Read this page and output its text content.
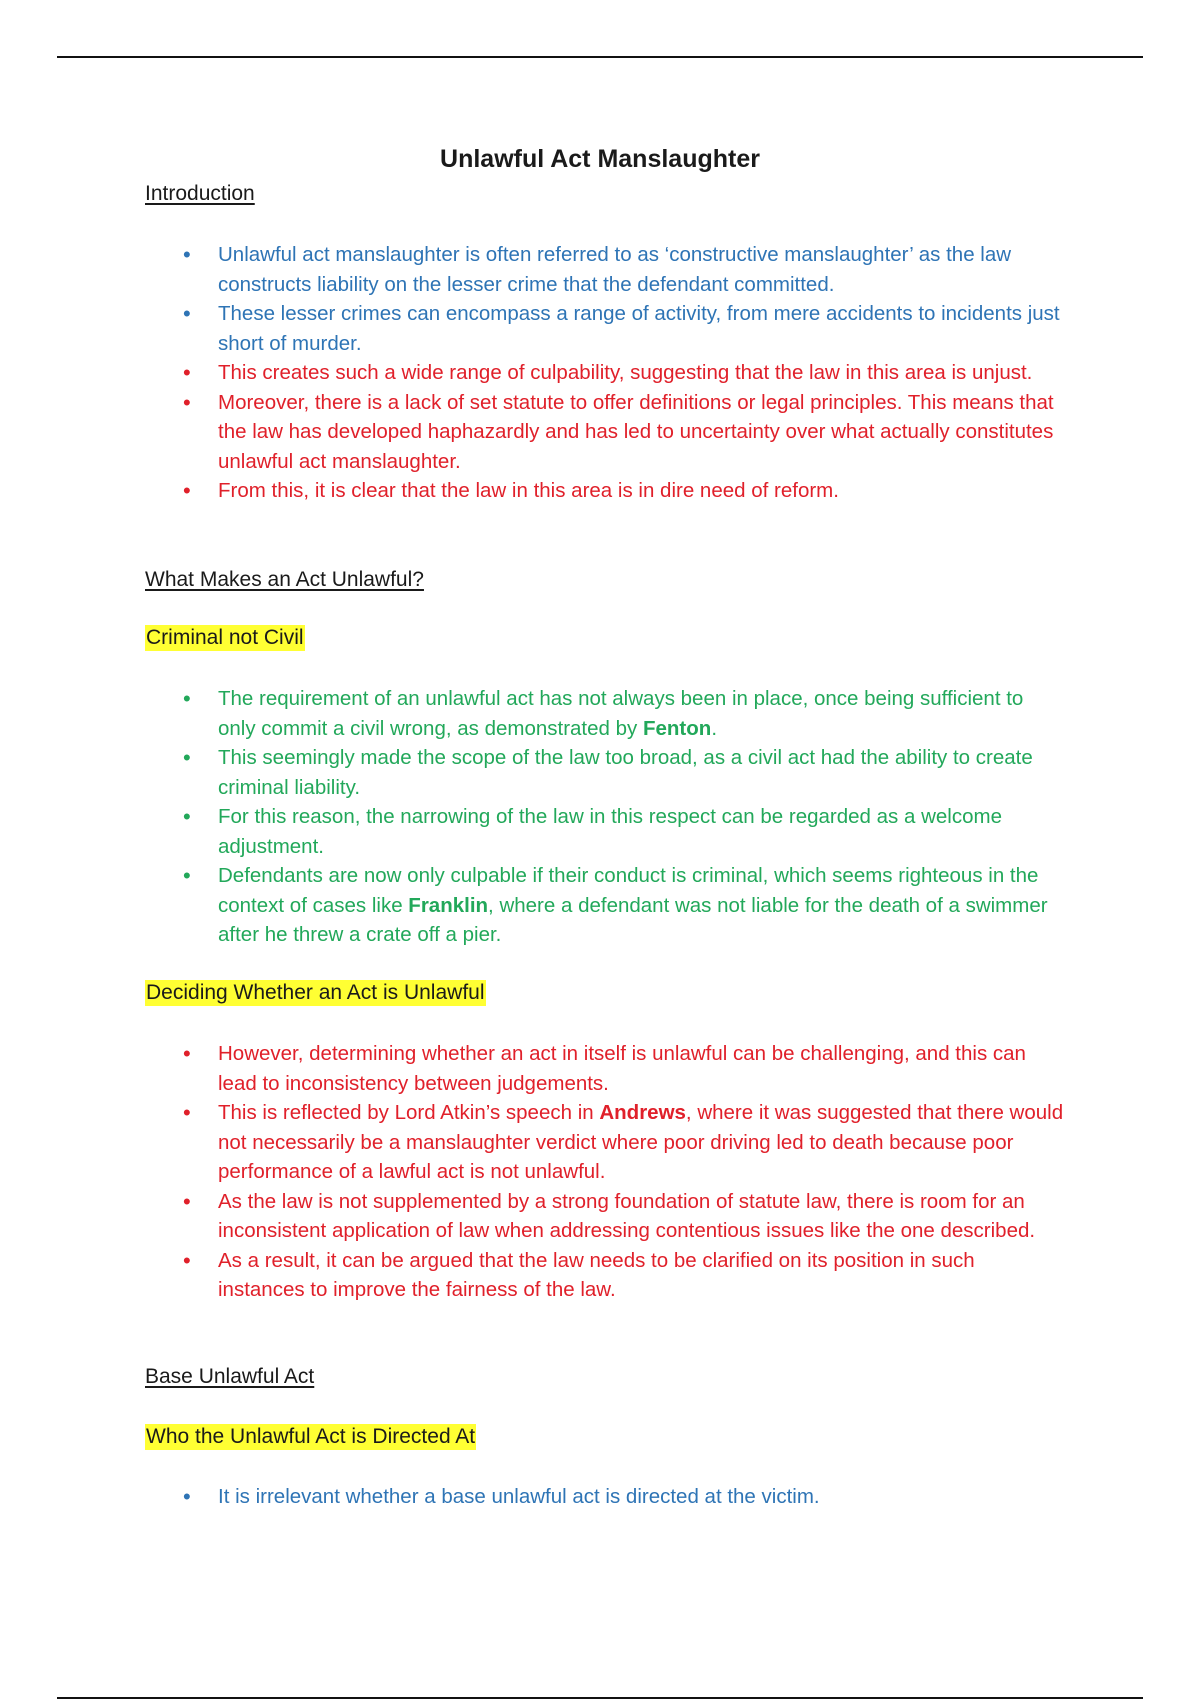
Unlawful Act Manslaughter
Introduction
• Unlawful act manslaughter is often referred to as ‘constructive manslaughter’ as the law constructs liability on the lesser crime that the defendant committed.
• These lesser crimes can encompass a range of activity, from mere accidents to incidents just short of murder.
• This creates such a wide range of culpability, suggesting that the law in this area is unjust.
• Moreover, there is a lack of set statute to offer definitions or legal principles. This means that the law has developed haphazardly and has led to uncertainty over what actually constitutes unlawful act manslaughter.
• From this, it is clear that the law in this area is in dire need of reform.
What Makes an Act Unlawful?
Criminal not Civil
• The requirement of an unlawful act has not always been in place, once being sufficient to only commit a civil wrong, as demonstrated by Fenton.
• This seemingly made the scope of the law too broad, as a civil act had the ability to create criminal liability.
• For this reason, the narrowing of the law in this respect can be regarded as a welcome adjustment.
• Defendants are now only culpable if their conduct is criminal, which seems righteous in the context of cases like Franklin, where a defendant was not liable for the death of a swimmer after he threw a crate off a pier.
Deciding Whether an Act is Unlawful
• However, determining whether an act in itself is unlawful can be challenging, and this can lead to inconsistency between judgements.
• This is reflected by Lord Atkin’s speech in Andrews, where it was suggested that there would not necessarily be a manslaughter verdict where poor driving led to death because poor performance of a lawful act is not unlawful.
• As the law is not supplemented by a strong foundation of statute law, there is room for an inconsistent application of law when addressing contentious issues like the one described.
• As a result, it can be argued that the law needs to be clarified on its position in such instances to improve the fairness of the law.
Base Unlawful Act
Who the Unlawful Act is Directed At
• It is irrelevant whether a base unlawful act is directed at the victim.
